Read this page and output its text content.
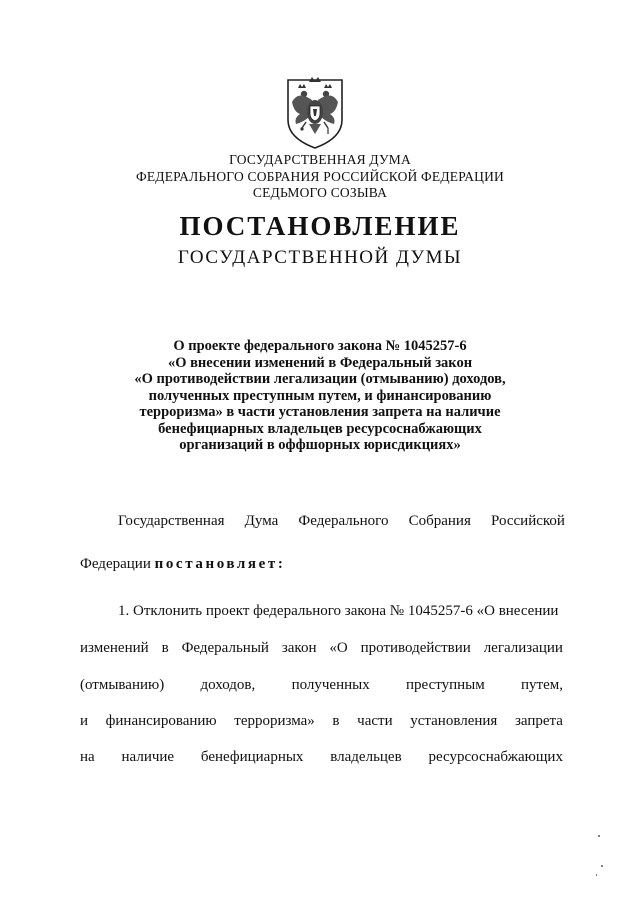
ГОСУДАРСТВЕННАЯ ДУМА
ФЕДЕРАЛЬНОГО СОБРАНИЯ РОССИЙСКОЙ ФЕДЕРАЦИИ
СЕДЬМОГО СОЗЫВА
ПОСТАНОВЛЕНИЕ
ГОСУДАРСТВЕННОЙ ДУМЫ
О проекте федерального закона № 1045257-6
«О внесении изменений в Федеральный закон
«О противодействии легализации (отмыванию) доходов,
полученных преступным путем, и финансированию
терроризма» в части установления запрета на наличие
бенефициарных владельцев ресурсоснабжающих
организаций в оффшорных юрисдикциях»
Государственная Дума Федерального Собрания Российской
Федерации постановляет:
1. Отклонить проект федерального закона № 1045257-6 «О внесении
изменений в Федеральный закон «О противодействии легализации
(отмыванию) доходов, полученных преступным путем,
и финансированию терроризма» в части установления запрета
на наличие бенефициарных владельцев ресурсоснабжающих
